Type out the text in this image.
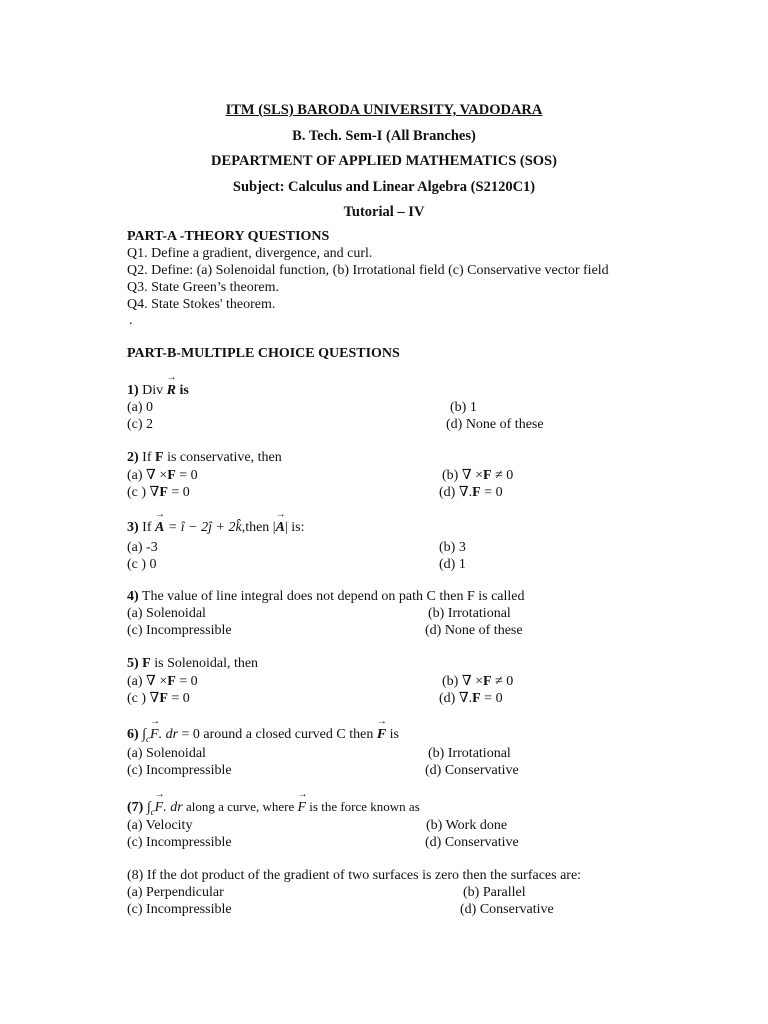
ITM (SLS) BARODA UNIVERSITY, VADODARA
B. Tech. Sem-I (All Branches)
DEPARTMENT OF APPLIED MATHEMATICS (SOS)
Subject: Calculus and Linear Algebra (S2120C1)
Tutorial – IV
PART-A -THEORY QUESTIONS
Q1. Define a gradient, divergence, and curl.
Q2. Define: (a) Solenoidal function, (b) Irrotational field (c) Conservative vector field
Q3. State Green’s theorem.
Q4. State Stokes' theorem.
.
PART-B-MULTIPLE CHOICE QUESTIONS
1) Div → R is
(a) 0	(b) 1
(c) 2	(d) None of these
2) If F is conservative, then
(a) ∇ ×F = 0	(b) ∇ ×F ≠ 0
(c ) ∇F = 0	(d) ∇.F = 0
3) If → A = î − 2ĵ + 2k̂,then |→ A| is:
(a) -3	(b) 3
(c ) 0	(d) 1
4) The value of line integral does not depend on path C then F is called
(a) Solenoidal	(b) Irrotational
(c) Incompressible	(d) None of these
5) F is Solenoidal, then
(a) ∇ ×F = 0	(b) ∇ ×F ≠ 0
(c ) ∇F = 0	(d) ∇.F = 0
6) $\int_c\to F$. dr = 0 around a closed curved C then → F is
(a) Solenoidal	(b) Irrotational
(c) Incompressible	(d) Conservative
(7) $\int_c\to F$. dr along a curve, where → F is the force known as
(a) Velocity	(b) Work done
(c) Incompressible	(d) Conservative
(8) If the dot product of the gradient of two surfaces is zero then the surfaces are:
(a) Perpendicular	(b) Parallel
(c) Incompressible	(d) Conservative
